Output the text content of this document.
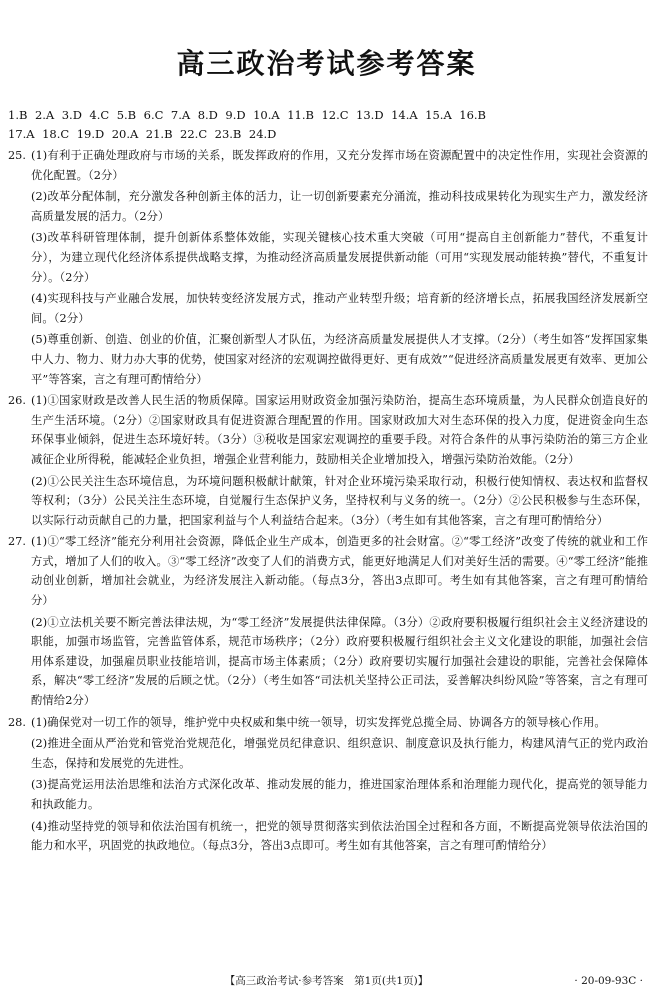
高三政治考试参考答案
1.B 2.A 3.D 4.C 5.B 6.C 7.A 8.D 9.D 10.A 11.B 12.C 13.D 14.A 15.A 16.B
17.A 18.C 19.D 20.A 21.B 22.C 23.B 24.D
25. (1)有利于正确处理政府与市场的关系，既发挥政府的作用，又充分发挥市场在资源配置中的决定性作用，实现社会资源的优化配置。（2分）

(2)改革分配体制，充分激发各种创新主体的活力，让一切创新要素充分涌流，推动科技成果转化为现实生产力，激发经济高质量发展的活力。（2分）

(3)改革科研管理体制，提升创新体系整体效能，实现关键核心技术重大突破（可用“提高自主创新能力”替代，不重复计分），为建立现代化经济体系提供战略支撑，为推动经济高质量发展提供新动能（可用“实现发展动能转换”替代，不重复计分）。（2分）

(4)实现科技与产业融合发展，加快转变经济发展方式，推动产业转型升级；培育新的经济增长点，拓展我国经济发展新空间。（2分）

(5)尊重创新、创造、创业的价值，汇聚创新型人才队伍，为经济高质量发展提供人才支撑。（2分）（考生如答“发挥国家集中人力、物力、财力办大事的优势，使国家对经济的宏观调控做得更好、更有成效”“促进经济高质量发展更有效率、更加公平”等答案，言之有理可酌情给分）

26. (1)①国家财政是改善人民生活的物质保障。国家运用财政资金加强污染防治，提高生态环境质量，为人民群众创造良好的生产生活环境。（2分）②国家财政具有促进资源合理配置的作用。国家财政加大对生态环保的投入力度，促进资金向生态环保事业倾斜，促进生态环境好转。（3分）③税收是国家宏观调控的重要手段。对符合条件的从事污染防治的第三方企业减征企业所得税，能减轻企业负担，增强企业营利能力，鼓励相关企业增加投入，增强污染防治效能。（2分）

(2)①公民关注生态环境信息，为环境问题积极献计献策，针对企业环境污染采取行动，积极行使知情权、表达权和监督权等权利；（3分）公民关注生态环境，自觉履行生态保护义务，坚持权利与义务的统一。（2分）②公民积极参与生态环保，以实际行动贡献自己的力量，把国家利益与个人利益结合起来。（3分）（考生如有其他答案，言之有理可酌情给分）

27. (1)①“零工经济”能充分利用社会资源，降低企业生产成本，创造更多的社会财富。②“零工经济”改变了传统的就业和工作方式，增加了人们的收入。③“零工经济”改变了人们的消费方式，能更好地满足人们对美好生活的需要。④“零工经济”能推动创业创新，增加社会就业，为经济发展注入新动能。（每点3分，答出3点即可。考生如有其他答案，言之有理可酌情给分）

(2)①立法机关要不断完善法律法规，为“零工经济”发展提供法律保障。（3分）②政府要积极履行组织社会主义经济建设的职能，加强市场监管，完善监管体系，规范市场秩序；（2分）政府要积极履行组织社会主义文化建设的职能，加强社会信用体系建设，加强雇员职业技能培训，提高市场主体素质；（2分）政府要切实履行加强社会建设的职能，完善社会保障体系，解决“零工经济”发展的后顾之忧。（2分）（考生如答“司法机关坚持公正司法，妥善解决纠纷风险”等答案，言之有理可酌情给2分）

28. (1)确保党对一切工作的领导，维护党中央权威和集中统一领导，切实发挥党总揽全局、协调各方的领导核心作用。

(2)推进全面从严治党和管党治党规范化，增强党员纪律意识、组织意识、制度意识及执行能力，构建风清气正的党内政治生态，保持和发展党的先进性。

(3)提高党运用法治思维和法治方式深化改革、推动发展的能力，推进国家治理体系和治理能力现代化，提高党的领导能力和执政能力。

(4)推动坚持党的领导和依法治国有机统一，把党的领导贯彻落实到依法治国全过程和各方面，不断提高党领导依法治国的能力和水平，巩固党的执政地位。（每点3分，答出3点即可。考生如有其他答案，言之有理可酌情给分）

【高三政治考试·参考答案　第1页(共1页)】	· 20-09-93C ·
